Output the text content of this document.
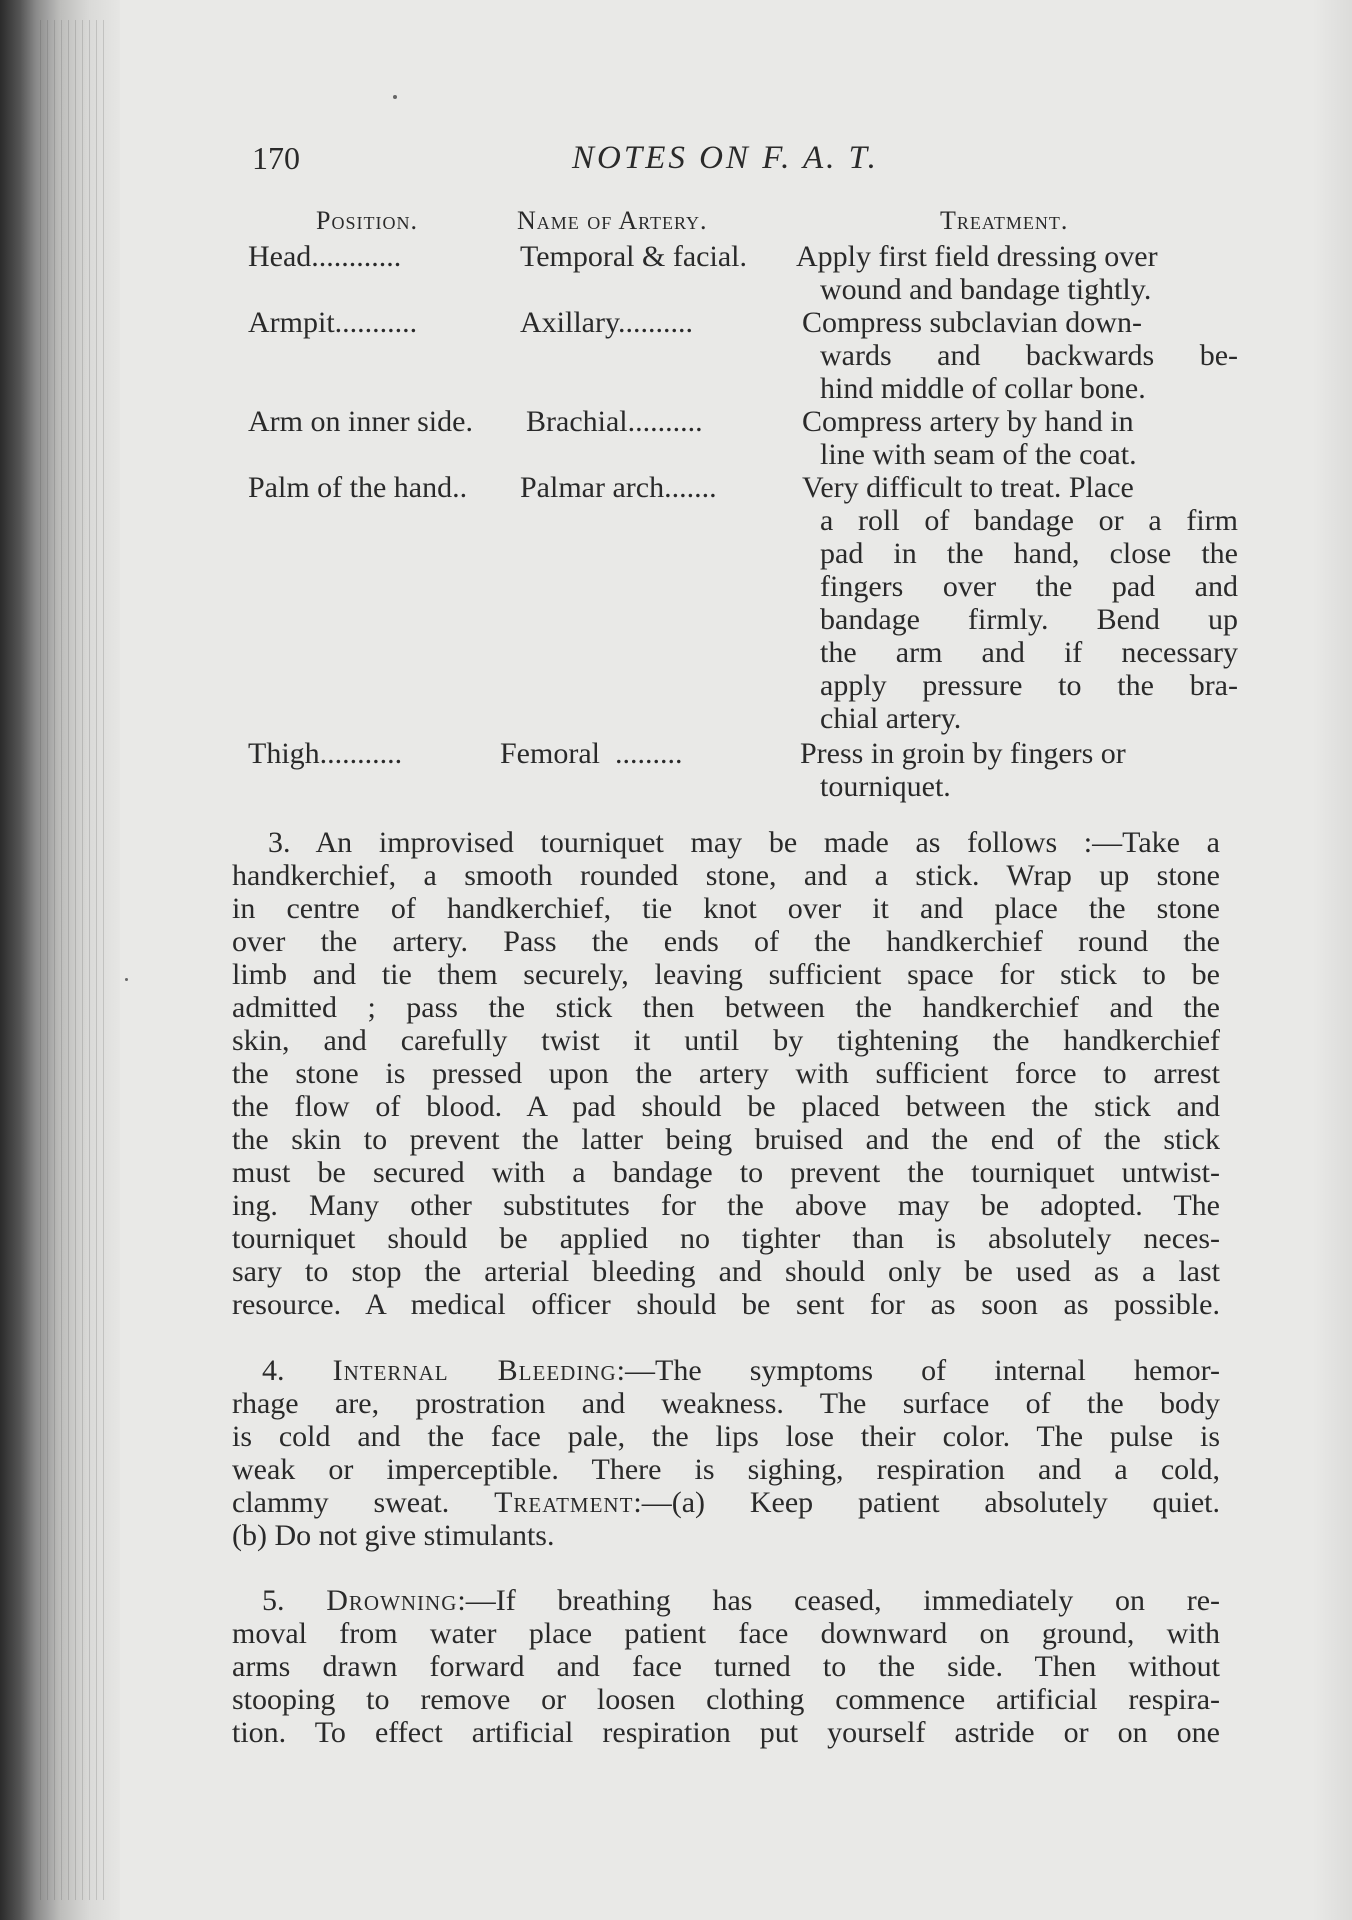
170	NOTES ON F. A. T.
Position.	Name of Artery.	Treatment.
Head............	Temporal & facial. Apply first field dressing over
wound and bandage tightly.
Armpit...........	Axillary..........	Compress subclavian down-
wards and backwards be-
hind middle of collar bone.
Arm on inner side. Brachial..........	Compress artery by hand in
line with seam of the coat.
Palm of the hand.. Palmar arch.......	Very difficult to treat. Place
a roll of bandage or a firm
pad in the hand, close the
fingers over the pad and
bandage firmly. Bend up
the arm and if necessary
apply pressure to the bra-
chial artery.
Thigh...........	Femoral  .........	Press in groin by fingers or
tourniquet.
3. An improvised tourniquet may be made as follows :—Take a
handkerchief, a smooth rounded stone, and a stick. Wrap up stone
in centre of handkerchief, tie knot over it and place the stone
over the artery. Pass the ends of the handkerchief round the
limb and tie them securely, leaving sufficient space for stick to be
admitted ; pass the stick then between the handkerchief and the
skin, and carefully twist it until by tightening the handkerchief
the stone is pressed upon the artery with sufficient force to arrest
the flow of blood. A pad should be placed between the stick and
the skin to prevent the latter being bruised and the end of the stick
must be secured with a bandage to prevent the tourniquet untwist-
ing. Many other substitutes for the above may be adopted. The
tourniquet should be applied no tighter than is absolutely neces-
sary to stop the arterial bleeding and should only be used as a last
resource. A medical officer should be sent for as soon as possible.
4. Internal Bleeding:—The symptoms of internal hemor-
rhage are, prostration and weakness. The surface of the body
is cold and the face pale, the lips lose their color. The pulse is
weak or imperceptible. There is sighing, respiration and a cold,
clammy sweat. Treatment:—(a) Keep patient absolutely quiet.
(b) Do not give stimulants.
5. Drowning:—If breathing has ceased, immediately on re-
moval from water place patient face downward on ground, with
arms drawn forward and face turned to the side. Then without
stooping to remove or loosen clothing commence artificial respira-
tion. To effect artificial respiration put yourself astride or on one
